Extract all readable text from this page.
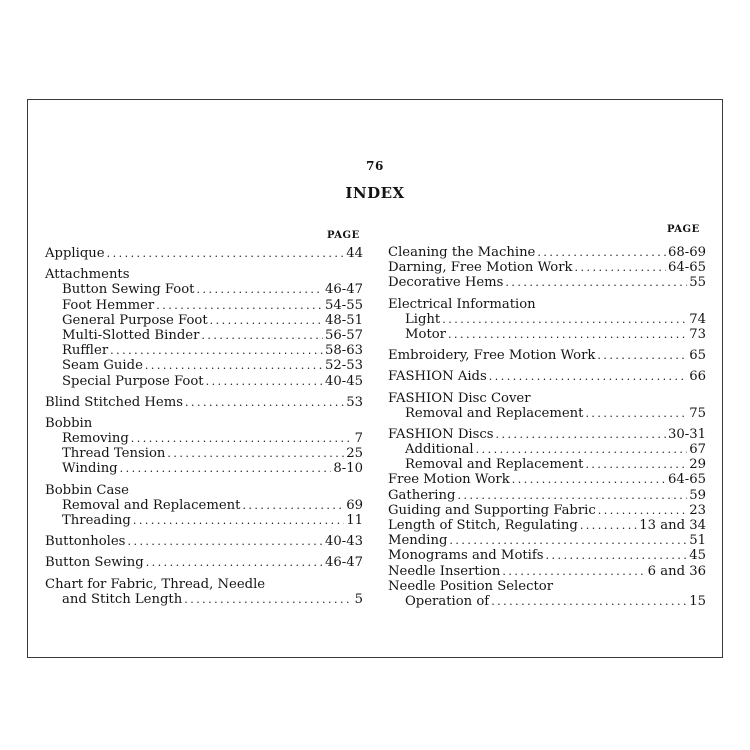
76
INDEX
PAGE
PAGE
Applique . . .	44
Attachments
Button Sewing Foot . . .	46-47
Foot Hemmer . . .	54-55
General Purpose Foot . . .	48-51
Multi-Slotted Binder . . .	56-57
Ruffler . . .	58-63
Seam Guide . . .	52-53
Special Purpose Foot . . .	40-45
Blind Stitched Hems . . .	53
Bobbin
Removing . . .	7
Thread Tension . . .	25
Winding . . .	8-10
Bobbin Case
Removal and Replacement . . .	69
Threading . . .	11
Buttonholes . . .	40-43
Button Sewing . . .	46-47
Chart for Fabric, Thread, Needle
and Stitch Length . . .	5
Cleaning the Machine . . .	68-69
Darning, Free Motion Work . . .	64-65
Decorative Hems . . .	55
Electrical Information
Light . . .	74
Motor . . .	73
Embroidery, Free Motion Work . . .	65
FASHION Aids . . .	66
FASHION Disc Cover
Removal and Replacement . . .	75
FASHION Discs . . .	30-31
Additional . . .	67
Removal and Replacement . . .	29
Free Motion Work . . .	64-65
Gathering . . .	59
Guiding and Supporting Fabric . . .	23
Length of Stitch, Regulating . . .	13 and 34
Mending . . .	51
Monograms and Motifs . . .	45
Needle Insertion . . .	6 and 36
Needle Position Selector
Operation of . . .	15
